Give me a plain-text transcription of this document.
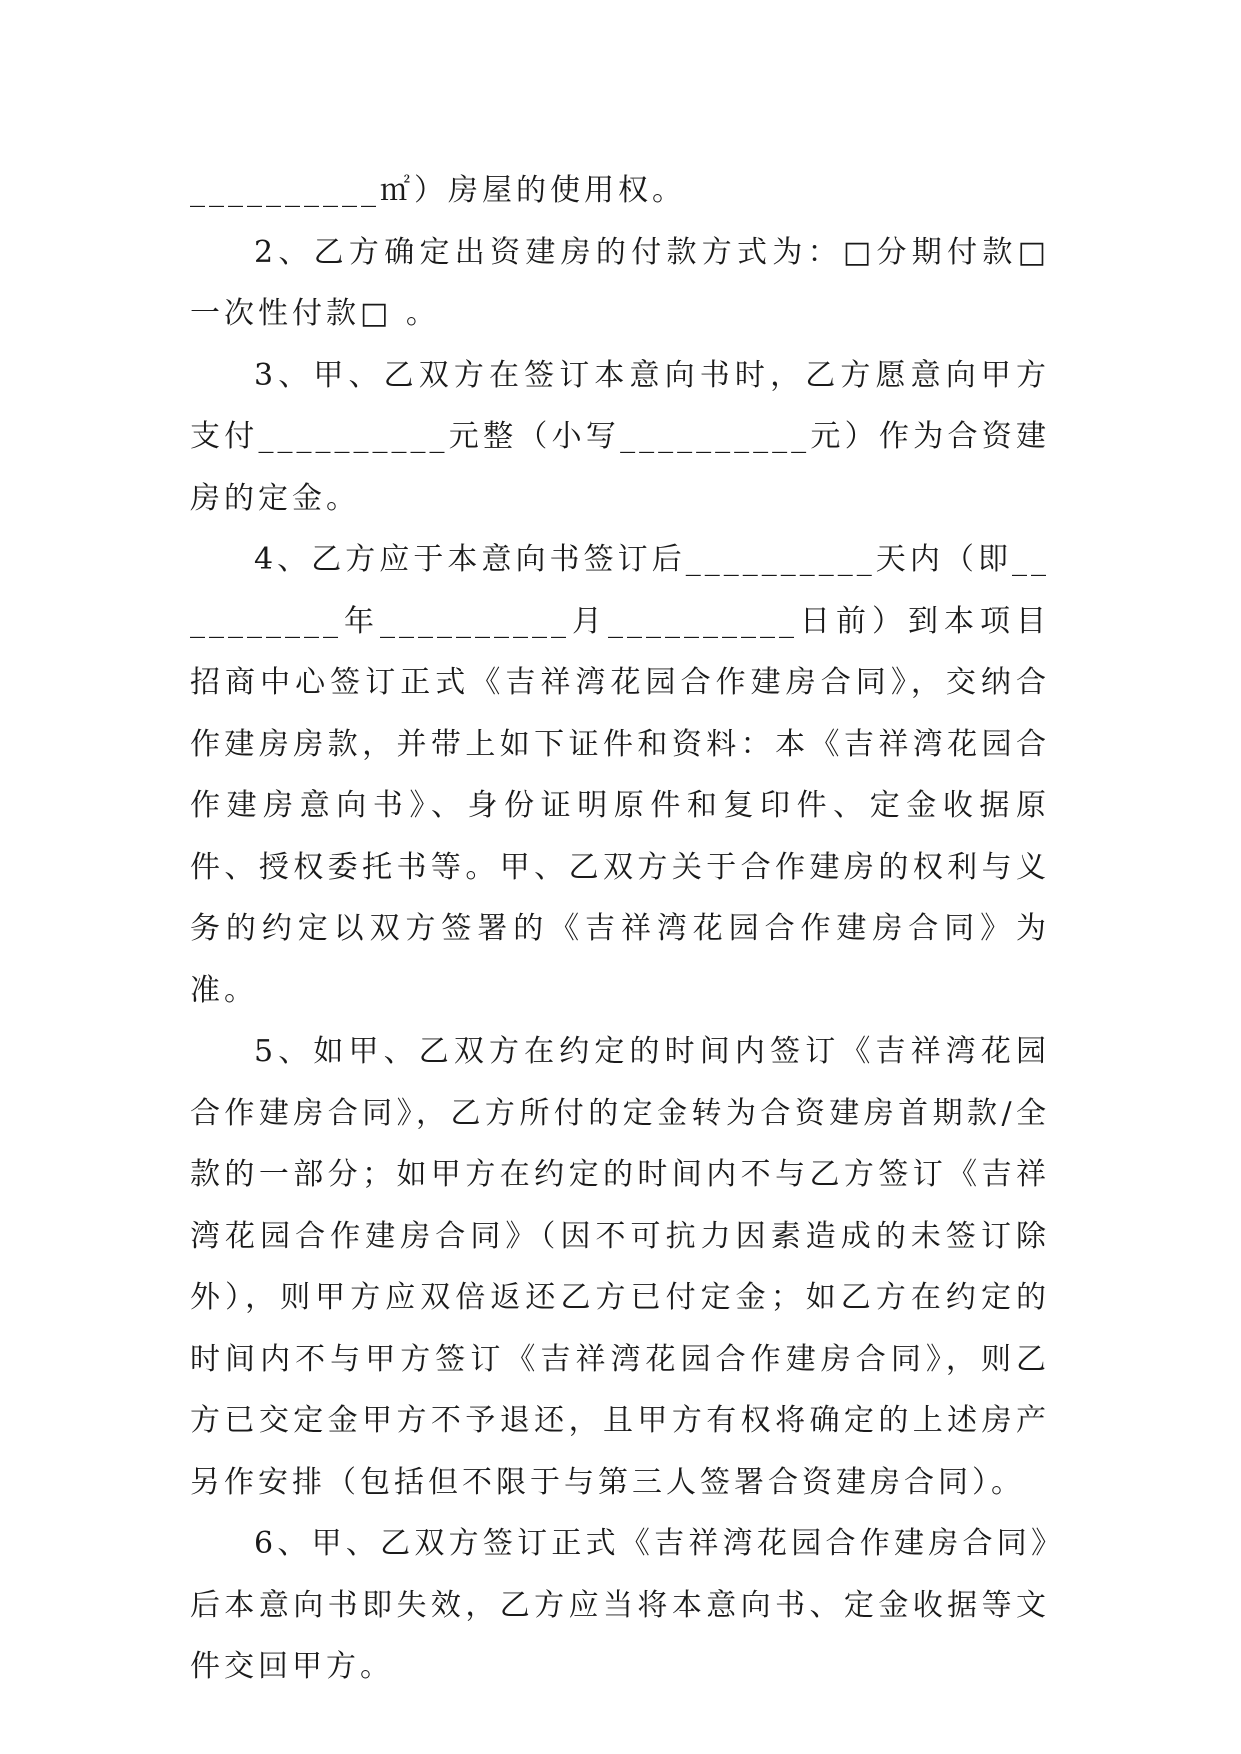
__________㎡）房屋的使用权。

2、乙方确定出资建房的付款方式为：□分期付款□一次性付款□ 。

3、甲、乙双方在签订本意向书时，乙方愿意向甲方支付__________元整（小写__________元）作为合资建房的定金。

4、乙方应于本意向书签订后__________天内（即__________年__________月__________日前）到本项目招商中心签订正式《吉祥湾花园合作建房合同》，交纳合作建房房款，并带上如下证件和资料：本《吉祥湾花园合作建房意向书》、身份证明原件和复印件、定金收据原件、授权委托书等。甲、乙双方关于合作建房的权利与义务的约定以双方签署的《吉祥湾花园合作建房合同》为准。

5、如甲、乙双方在约定的时间内签订《吉祥湾花园合作建房合同》，乙方所付的定金转为合资建房首期款/全款的一部分；如甲方在约定的时间内不与乙方签订《吉祥湾花园合作建房合同》（因不可抗力因素造成的未签订除外），则甲方应双倍返还乙方已付定金；如乙方在约定的时间内不与甲方签订《吉祥湾花园合作建房合同》，则乙方已交定金甲方不予退还，且甲方有权将确定的上述房产另作安排（包括但不限于与第三人签署合资建房合同）。

6、甲、乙双方签订正式《吉祥湾花园合作建房合同》后本意向书即失效，乙方应当将本意向书、定金收据等文件交回甲方。
